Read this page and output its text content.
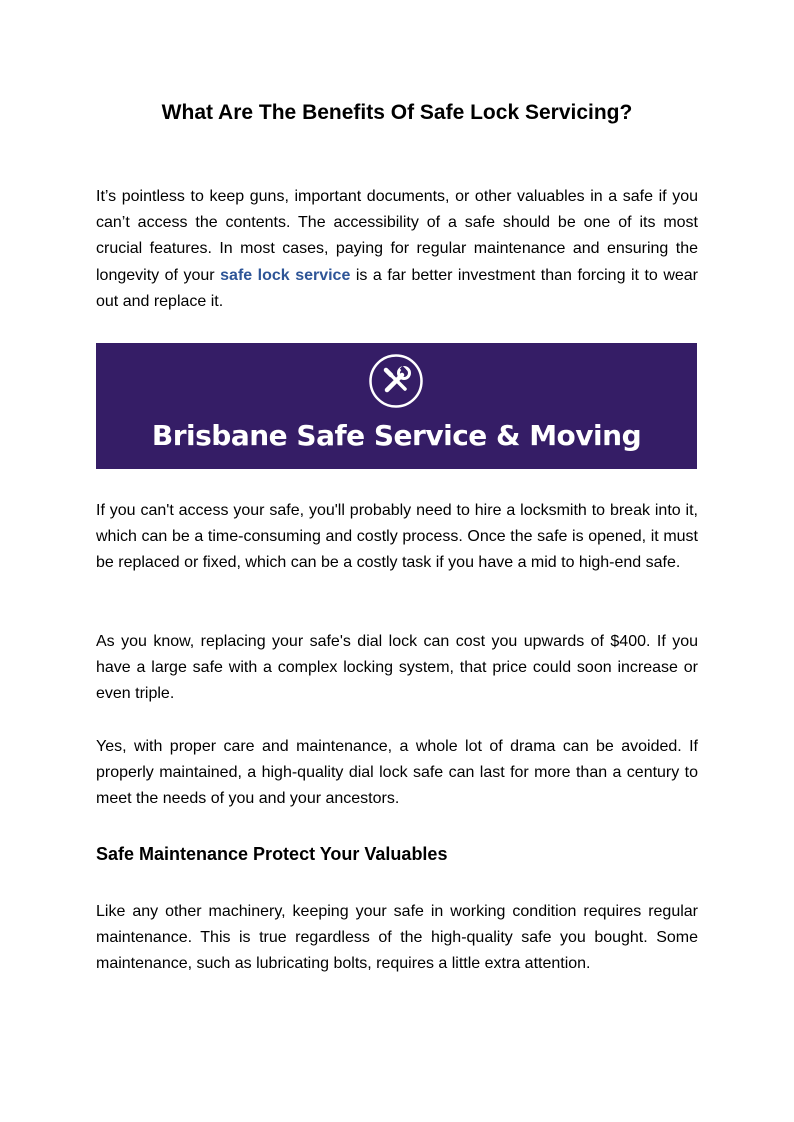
What Are The Benefits Of Safe Lock Servicing?

It’s pointless to keep guns, important documents, or other valuables in a safe if you can’t access the contents. The accessibility of a safe should be one of its most crucial features. In most cases, paying for regular maintenance and ensuring the longevity of your safe lock service is a far better investment than forcing it to wear out and replace it.

Brisbane Safe Service & Moving

If you can't access your safe, you'll probably need to hire a locksmith to break into it, which can be a time-consuming and costly process. Once the safe is opened, it must be replaced or fixed, which can be a costly task if you have a mid to high-end safe.

As you know, replacing your safe's dial lock can cost you upwards of $400. If you have a large safe with a complex locking system, that price could soon increase or even triple.

Yes, with proper care and maintenance, a whole lot of drama can be avoided. If properly maintained, a high-quality dial lock safe can last for more than a century to meet the needs of you and your ancestors.

Safe Maintenance Protect Your Valuables

Like any other machinery, keeping your safe in working condition requires regular maintenance. This is true regardless of the high-quality safe you bought. Some maintenance, such as lubricating bolts, requires a little extra attention.
